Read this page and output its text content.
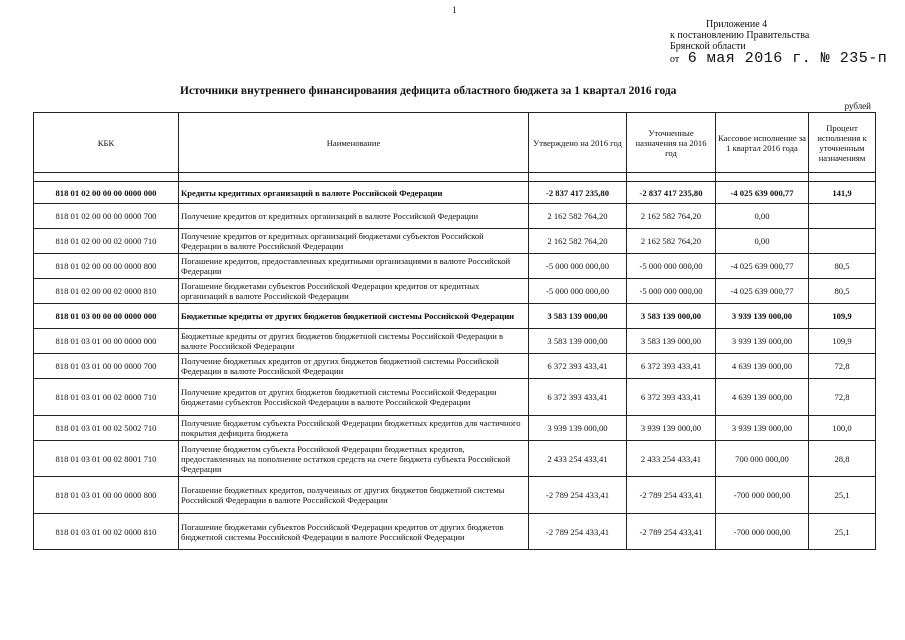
1
Приложение 4
к постановлению Правительства
Брянской области
от 6 мая 2016 г. № 235-п
Источники внутреннего финансирования дефицита областного бюджета за 1 квартал 2016 года
рублей
КБК	Наименование	Утверждено на 2016 год	Уточненные назначения на 2016 год	Кассовое исполнение за 1 квартал 2016 года	Процент исполнения к уточненным назначениям

818 01 02 00 00 00 0000 000	Кредиты кредитных организаций в валюте Российской Федерации	-2 837 417 235,80	-2 837 417 235,80	-4 025 639 000,77	141,9
818 01 02 00 00 00 0000 700	Получение кредитов от кредитных организаций в валюте Российской Федерации	2 162 582 764,20	2 162 582 764,20	0,00	
818 01 02 00 00 02 0000 710	Получение кредитов от кредитных организаций бюджетами субъектов Российской Федерации в валюте Российской Федерации	2 162 582 764,20	2 162 582 764,20	0,00	
818 01 02 00 00 00 0000 800	Погашение кредитов, предоставленных кредитными организациями в валюте Российской Федерации	-5 000 000 000,00	-5 000 000 000,00	-4 025 639 000,77	80,5
818 01 02 00 00 02 0000 810	Погашение бюджетами субъектов Российской Федерации кредитов от кредитных организаций в валюте Российской Федерации	-5 000 000 000,00	-5 000 000 000,00	-4 025 639 000,77	80,5
818 01 03 00 00 00 0000 000	Бюджетные кредиты от других бюджетов бюджетной системы Российской Федерации	3 583 139 000,00	3 583 139 000,00	3 939 139 000,00	109,9
818 01 03 01 00 00 0000 000	Бюджетные кредиты от других бюджетов бюджетной системы Российской Федерации в валюте Российской Федерации	3 583 139 000,00	3 583 139 000,00	3 939 139 000,00	109,9
818 01 03 01 00 00 0000 700	Получение бюджетных кредитов от других бюджетов бюджетной системы Российской Федерации в валюте Российской Федерации	6 372 393 433,41	6 372 393 433,41	4 639 139 000,00	72,8
818 01 03 01 00 02 0000 710	Получение кредитов от других бюджетов бюджетной системы Российской Федерации бюджетами субъектов Российской Федерации в валюте Российской Федерации	6 372 393 433,41	6 372 393 433,41	4 639 139 000,00	72,8
818 01 03 01 00 02 5002 710	Получение бюджетом субъекта Российской Федерации бюджетных кредитов для частичного покрытия дефицита бюджета	3 939 139 000,00	3 939 139 000,00	3 939 139 000,00	100,0
818 01 03 01 00 02 8001 710	Получение бюджетом субъекта Российской Федерации бюджетных кредитов, предоставленных на пополнение остатков средств на счете бюджета субъекта Российской Федерации	2 433 254 433,41	2 433 254 433,41	700 000 000,00	28,8
818 01 03 01 00 00 0000 800	Погашение бюджетных кредитов, полученных от других бюджетов бюджетной системы Российской Федерации в валюте Российской Федерации	-2 789 254 433,41	-2 789 254 433,41	-700 000 000,00	25,1
818 01 03 01 00 02 0000 810	Погашение бюджетами субъектов Российской Федерации кредитов от других бюджетов бюджетной системы Российской Федерации в валюте Российской Федерации	-2 789 254 433,41	-2 789 254 433,41	-700 000 000,00	25,1
